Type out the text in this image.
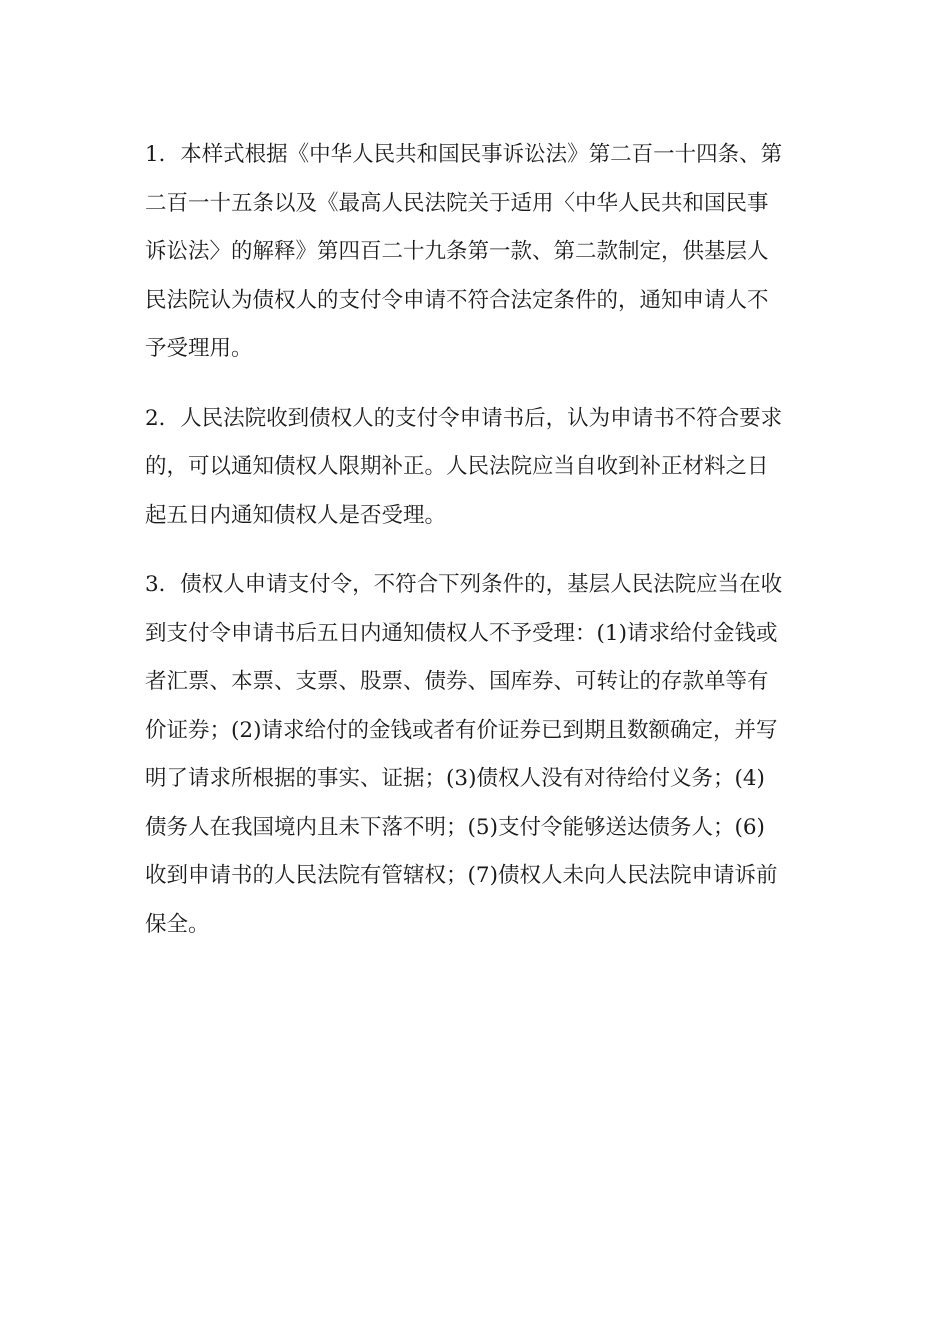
1．本样式根据《中华人民共和国民事诉讼法》第二百一十四条、第
二百一十五条以及《最高人民法院关于适用〈中华人民共和国民事
诉讼法〉的解释》第四百二十九条第一款、第二款制定，供基层人
民法院认为债权人的支付令申请不符合法定条件的，通知申请人不
予受理用。

2．人民法院收到债权人的支付令申请书后，认为申请书不符合要求
的，可以通知债权人限期补正。人民法院应当自收到补正材料之日
起五日内通知债权人是否受理。

3．债权人申请支付令，不符合下列条件的，基层人民法院应当在收
到支付令申请书后五日内通知债权人不予受理：(1)请求给付金钱或
者汇票、本票、支票、股票、债券、国库券、可转让的存款单等有
价证券；(2)请求给付的金钱或者有价证券已到期且数额确定，并写
明了请求所根据的事实、证据；(3)债权人没有对待给付义务；(4)
债务人在我国境内且未下落不明；(5)支付令能够送达债务人；(6)
收到申请书的人民法院有管辖权；(7)债权人未向人民法院申请诉前
保全。
